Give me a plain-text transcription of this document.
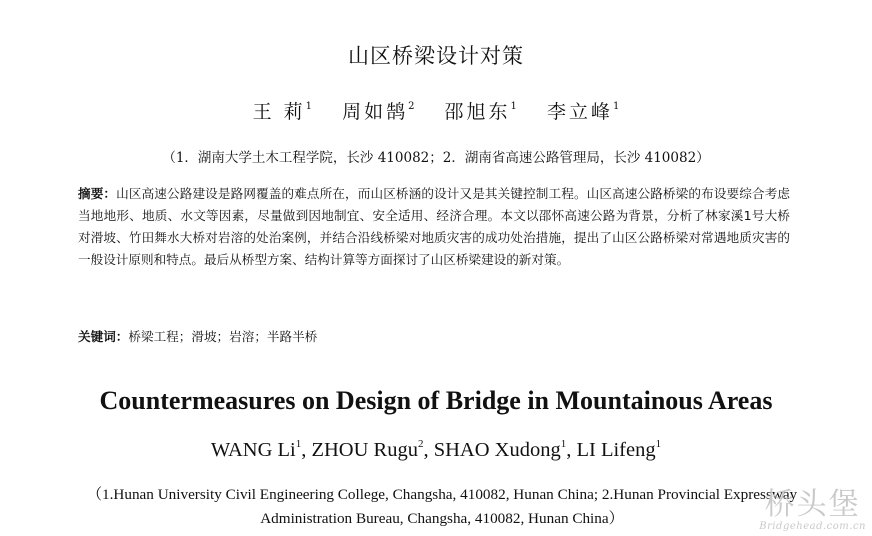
山区桥梁设计对策
王 莉$^1$ 周如鹄$^2$ 邵旭东$^1$ 李立峰$^1$
（1．湖南大学土木工程学院，长沙 410082；2．湖南省高速公路管理局，长沙 410082）
摘要：山区高速公路建设是路网覆盖的难点所在，而山区桥涵的设计又是其关键控制工程。山区高速公路桥梁的布设要综合考虑当地地形、地质、水文等因素，尽量做到因地制宜、安全适用、经济合理。本文以邵怀高速公路为背景，分析了林家溪1号大桥对滑坡、竹田舞水大桥对岩溶的处治案例，并结合沿线桥梁对地质灾害的成功处治措施，提出了山区公路桥梁对常遇地质灾害的一般设计原则和特点。最后从桥型方案、结构计算等方面探讨了山区桥梁建设的新对策。
关键词：桥梁工程；滑坡；岩溶；半路半桥
Countermeasures on Design of Bridge in Mountainous Areas
WANG Li$^1$, ZHOU Rugu$^2$, SHAO Xudong$^1$, LI Lifeng$^1$
（1.Hunan University Civil Engineering College, Changsha, 410082, Hunan China; 2.Hunan Provincial Expressway Administration Bureau, Changsha, 410082, Hunan China）	桥头堡
Bridgehead.com.cn
